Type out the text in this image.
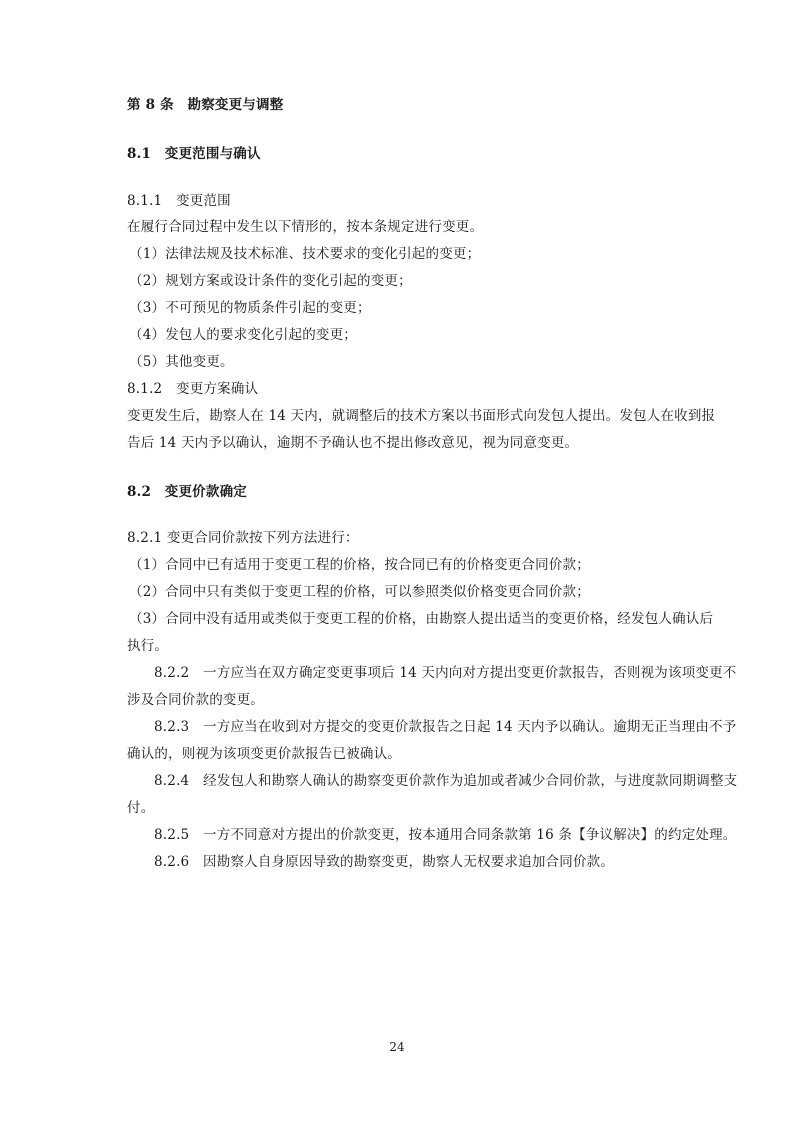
第 8 条　勘察变更与调整
8.1　变更范围与确认
8.1.1　变更范围
在履行合同过程中发生以下情形的，按本条规定进行变更。
（1）法律法规及技术标准、技术要求的变化引起的变更；
（2）规划方案或设计条件的变化引起的变更；
（3）不可预见的物质条件引起的变更；
（4）发包人的要求变化引起的变更；
（5）其他变更。
8.1.2　变更方案确认
变更发生后，勘察人在 14 天内，就调整后的技术方案以书面形式向发包人提出。发包人在收到报
告后 14 天内予以确认，逾期不予确认也不提出修改意见，视为同意变更。
8.2　变更价款确定
8.2.1 变更合同价款按下列方法进行：
（1）合同中已有适用于变更工程的价格，按合同已有的价格变更合同价款；
（2）合同中只有类似于变更工程的价格，可以参照类似价格变更合同价款；
（3）合同中没有适用或类似于变更工程的价格，由勘察人提出适当的变更价格，经发包人确认后
执行。
8.2.2　一方应当在双方确定变更事项后 14 天内向对方提出变更价款报告，否则视为该项变更不
涉及合同价款的变更。
8.2.3　一方应当在收到对方提交的变更价款报告之日起 14 天内予以确认。逾期无正当理由不予
确认的，则视为该项变更价款报告已被确认。
8.2.4　经发包人和勘察人确认的勘察变更价款作为追加或者减少合同价款，与进度款同期调整支
付。
8.2.5　一方不同意对方提出的价款变更，按本通用合同条款第 16 条【争议解决】的约定处理。
8.2.6　因勘察人自身原因导致的勘察变更，勘察人无权要求追加合同价款。
24
